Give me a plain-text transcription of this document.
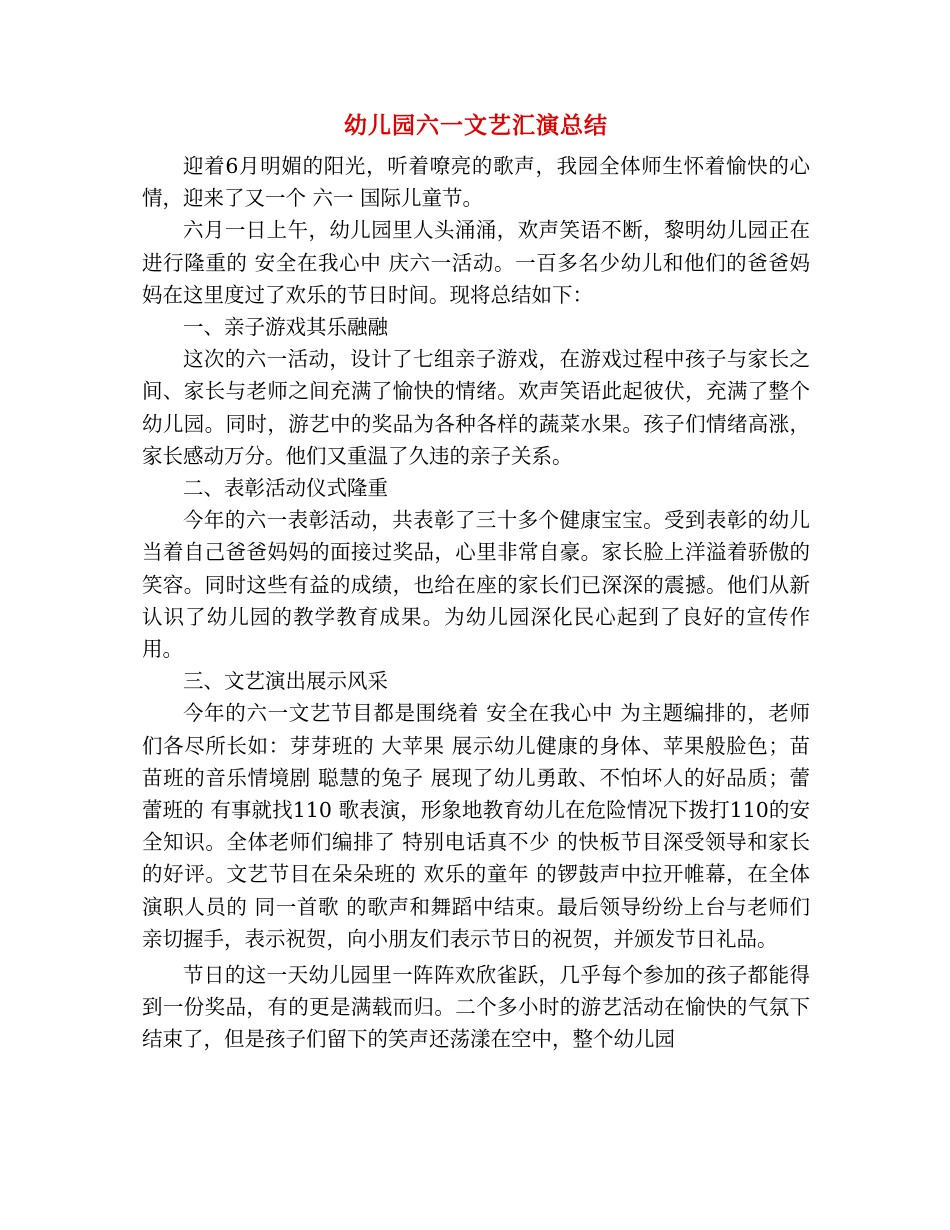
幼儿园六一文艺汇演总结

迎着6月明媚的阳光，听着嘹亮的歌声，我园全体师生怀着愉快的心情，迎来了又一个 六一 国际儿童节。

六月一日上午，幼儿园里人头涌涌，欢声笑语不断，黎明幼儿园正在进行隆重的 安全在我心中 庆六一活动。一百多名少幼儿和他们的爸爸妈妈在这里度过了欢乐的节日时间。现将总结如下：

一、亲子游戏其乐融融

这次的六一活动，设计了七组亲子游戏，在游戏过程中孩子与家长之间、家长与老师之间充满了愉快的情绪。欢声笑语此起彼伏，充满了整个幼儿园。同时，游艺中的奖品为各种各样的蔬菜水果。孩子们情绪高涨，家长感动万分。他们又重温了久违的亲子关系。

二、表彰活动仪式隆重

今年的六一表彰活动，共表彰了三十多个健康宝宝。受到表彰的幼儿当着自己爸爸妈妈的面接过奖品，心里非常自豪。家长脸上洋溢着骄傲的笑容。同时这些有益的成绩，也给在座的家长们已深深的震撼。他们从新认识了幼儿园的教学教育成果。为幼儿园深化民心起到了良好的宣传作用。

三、文艺演出展示风采

今年的六一文艺节目都是围绕着 安全在我心中 为主题编排的，老师们各尽所长如：芽芽班的 大苹果 展示幼儿健康的身体、苹果般脸色；苗苗班的音乐情境剧 聪慧的兔子 展现了幼儿勇敢、不怕坏人的好品质；蕾蕾班的 有事就找110 歌表演，形象地教育幼儿在危险情况下拨打110的安全知识。全体老师们编排了 特别电话真不少 的快板节目深受领导和家长的好评。文艺节目在朵朵班的 欢乐的童年 的锣鼓声中拉开帷幕，在全体演职人员的 同一首歌 的歌声和舞蹈中结束。最后领导纷纷上台与老师们亲切握手，表示祝贺，向小朋友们表示节日的祝贺，并颁发节日礼品。

节日的这一天幼儿园里一阵阵欢欣雀跃，几乎每个参加的孩子都能得到一份奖品，有的更是满载而归。二个多小时的游艺活动在愉快的气氛下结束了，但是孩子们留下的笑声还荡漾在空中，整个幼儿园
